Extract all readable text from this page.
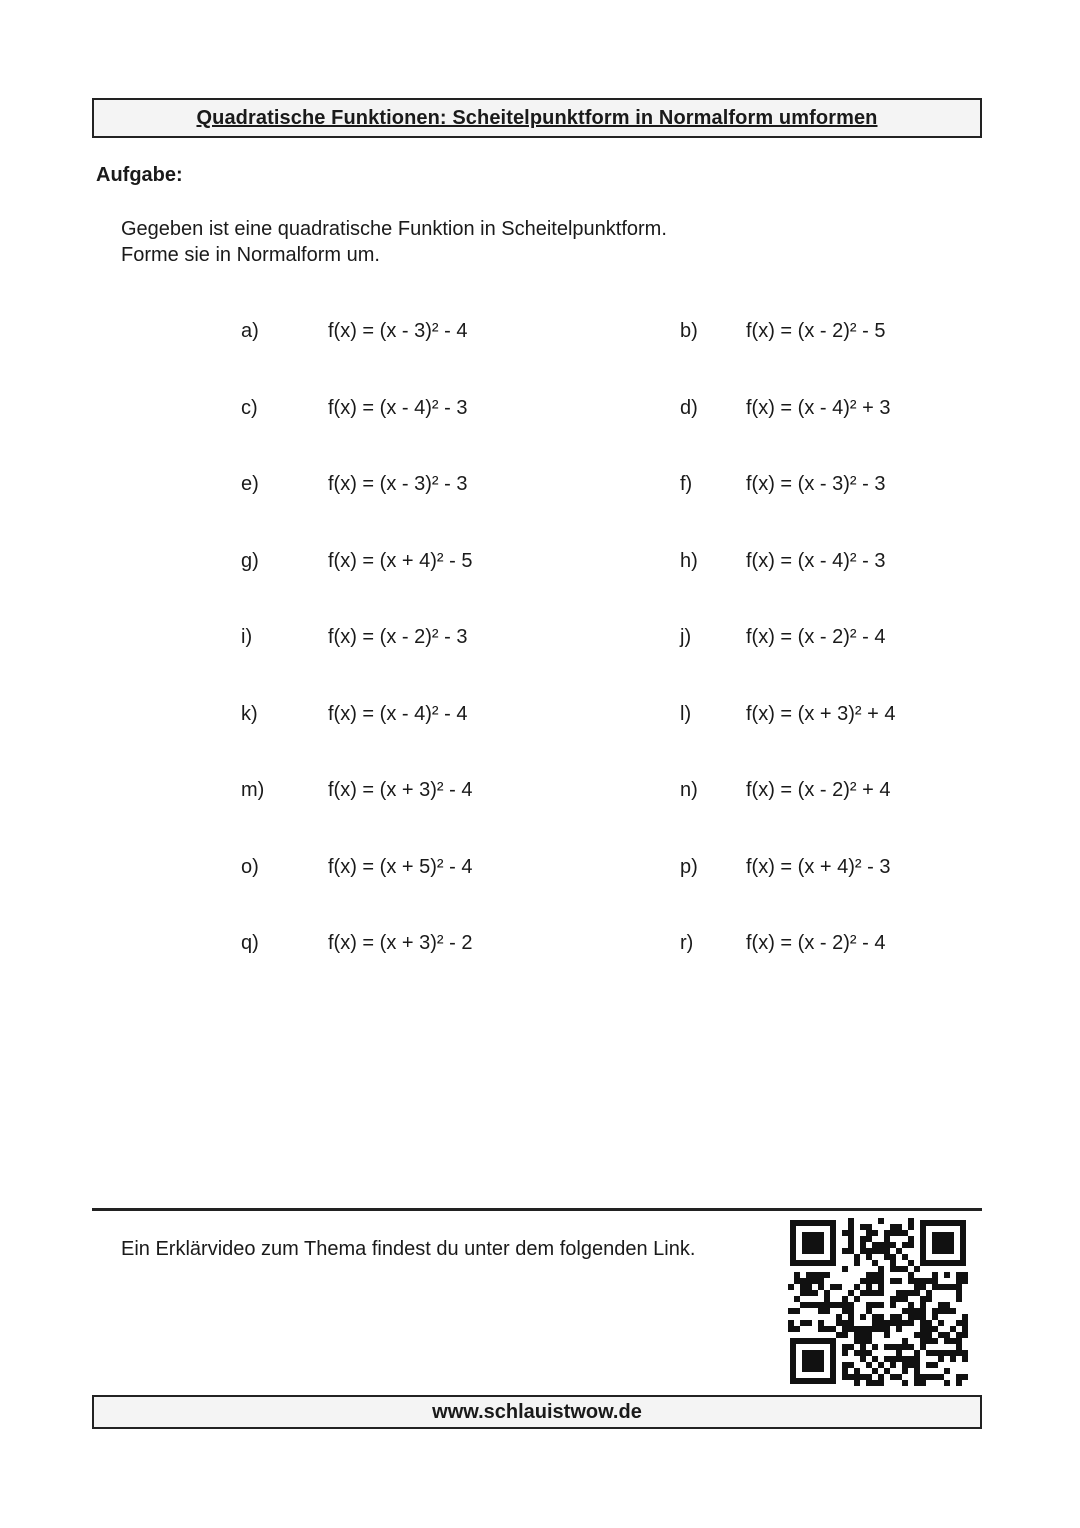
Quadratische Funktionen: Scheitelpunktform in Normalform umformen
Aufgabe:
Gegeben ist eine quadratische Funktion in Scheitelpunktform.
Forme sie in Normalform um.
a)	f(x) = (x - 3)² - 4	b) f(x) = (x - 2)² - 5
c)	f(x) = (x - 4)² - 3	d) f(x) = (x - 4)² + 3
e)	f(x) = (x - 3)² - 3	f)	f(x) = (x - 3)² - 3
g)	f(x) = (x + 4)² - 5	h) f(x) = (x - 4)² - 3
i)	f(x) = (x - 2)² - 3	j)	f(x) = (x - 2)² - 4
k)	f(x) = (x - 4)² - 4	l)	f(x) = (x + 3)² + 4
m)	f(x) = (x + 3)² - 4	n) f(x) = (x - 2)² + 4
o)	f(x) = (x + 5)² - 4	p) f(x) = (x + 4)² - 3
q)	f(x) = (x + 3)² - 2	r)	f(x) = (x - 2)² - 4
Ein Erklärvideo zum Thema findest du unter dem folgenden Link.
www.schlauistwow.de
